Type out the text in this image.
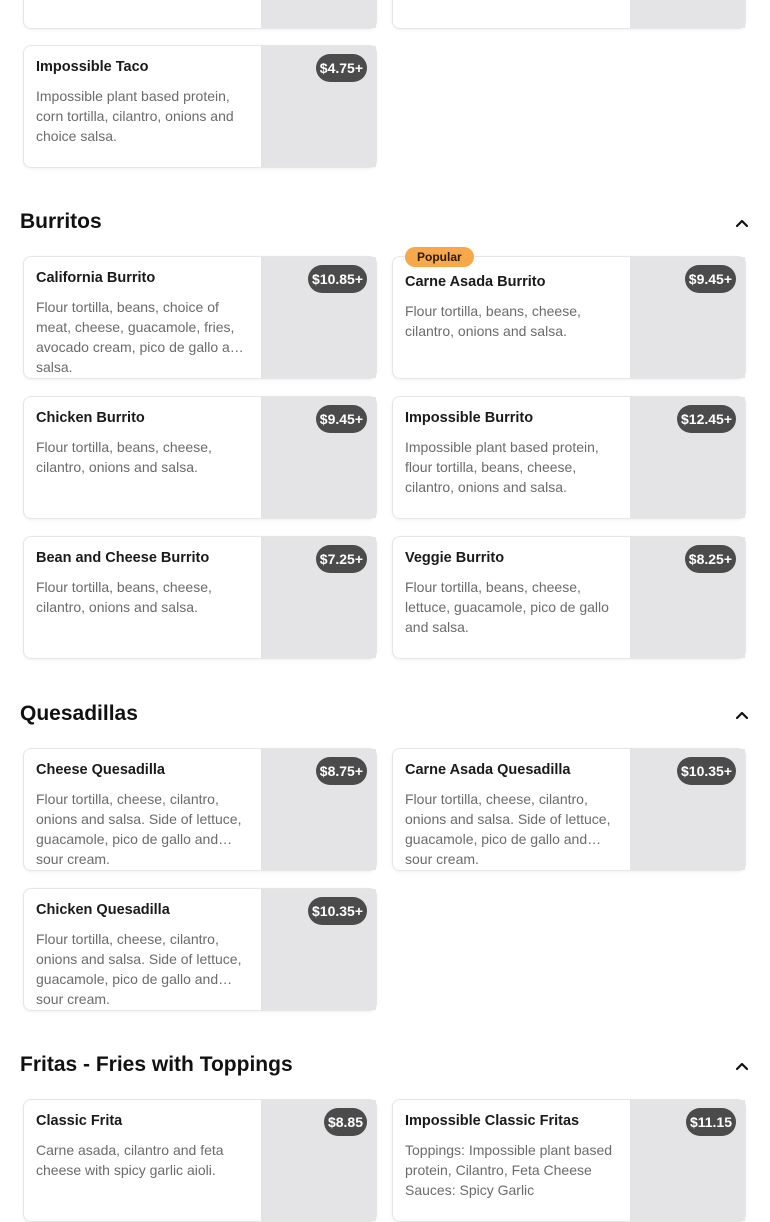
Impossible Taco
Impossible plant based protein, corn tortilla, cilantro, onions and choice salsa.
$4.75+
Burritos
California Burrito
Flour tortilla, beans, choice of meat, cheese, guacamole, fries, avocado cream, pico de gallo and salsa.
$10.85+	Carne Asada Burrito
Flour tortilla, beans, cheese, cilantro, onions and salsa.
$9.45+
Popular
Chicken Burrito
Flour tortilla, beans, cheese, cilantro, onions and salsa.
$9.45+	Impossible Burrito
Impossible plant based protein, flour tortilla, beans, cheese, cilantro, onions and salsa.
$12.45+
Bean and Cheese Burrito
Flour tortilla, beans, cheese, cilantro, onions and salsa.
$7.25+	Veggie Burrito
Flour tortilla, beans, cheese, lettuce, guacamole, pico de gallo and salsa.
$8.25+
Quesadillas
Cheese Quesadilla
Flour tortilla, cheese, cilantro, onions and salsa. Side of lettuce, guacamole, pico de gallo and sour cream.
$8.75+	Carne Asada Quesadilla
Flour tortilla, cheese, cilantro, onions and salsa. Side of lettuce, guacamole, pico de gallo and sour cream.
$10.35+
Chicken Quesadilla
Flour tortilla, cheese, cilantro, onions and salsa. Side of lettuce, guacamole, pico de gallo and sour cream.
$10.35+
Fritas - Fries with Toppings
Classic Frita
Carne asada, cilantro and feta cheese with spicy garlic aioli.
$8.85	Impossible Classic Fritas
Toppings: Impossible plant based protein, Cilantro, Feta Cheese Sauces: Spicy Garlic
$11.15
